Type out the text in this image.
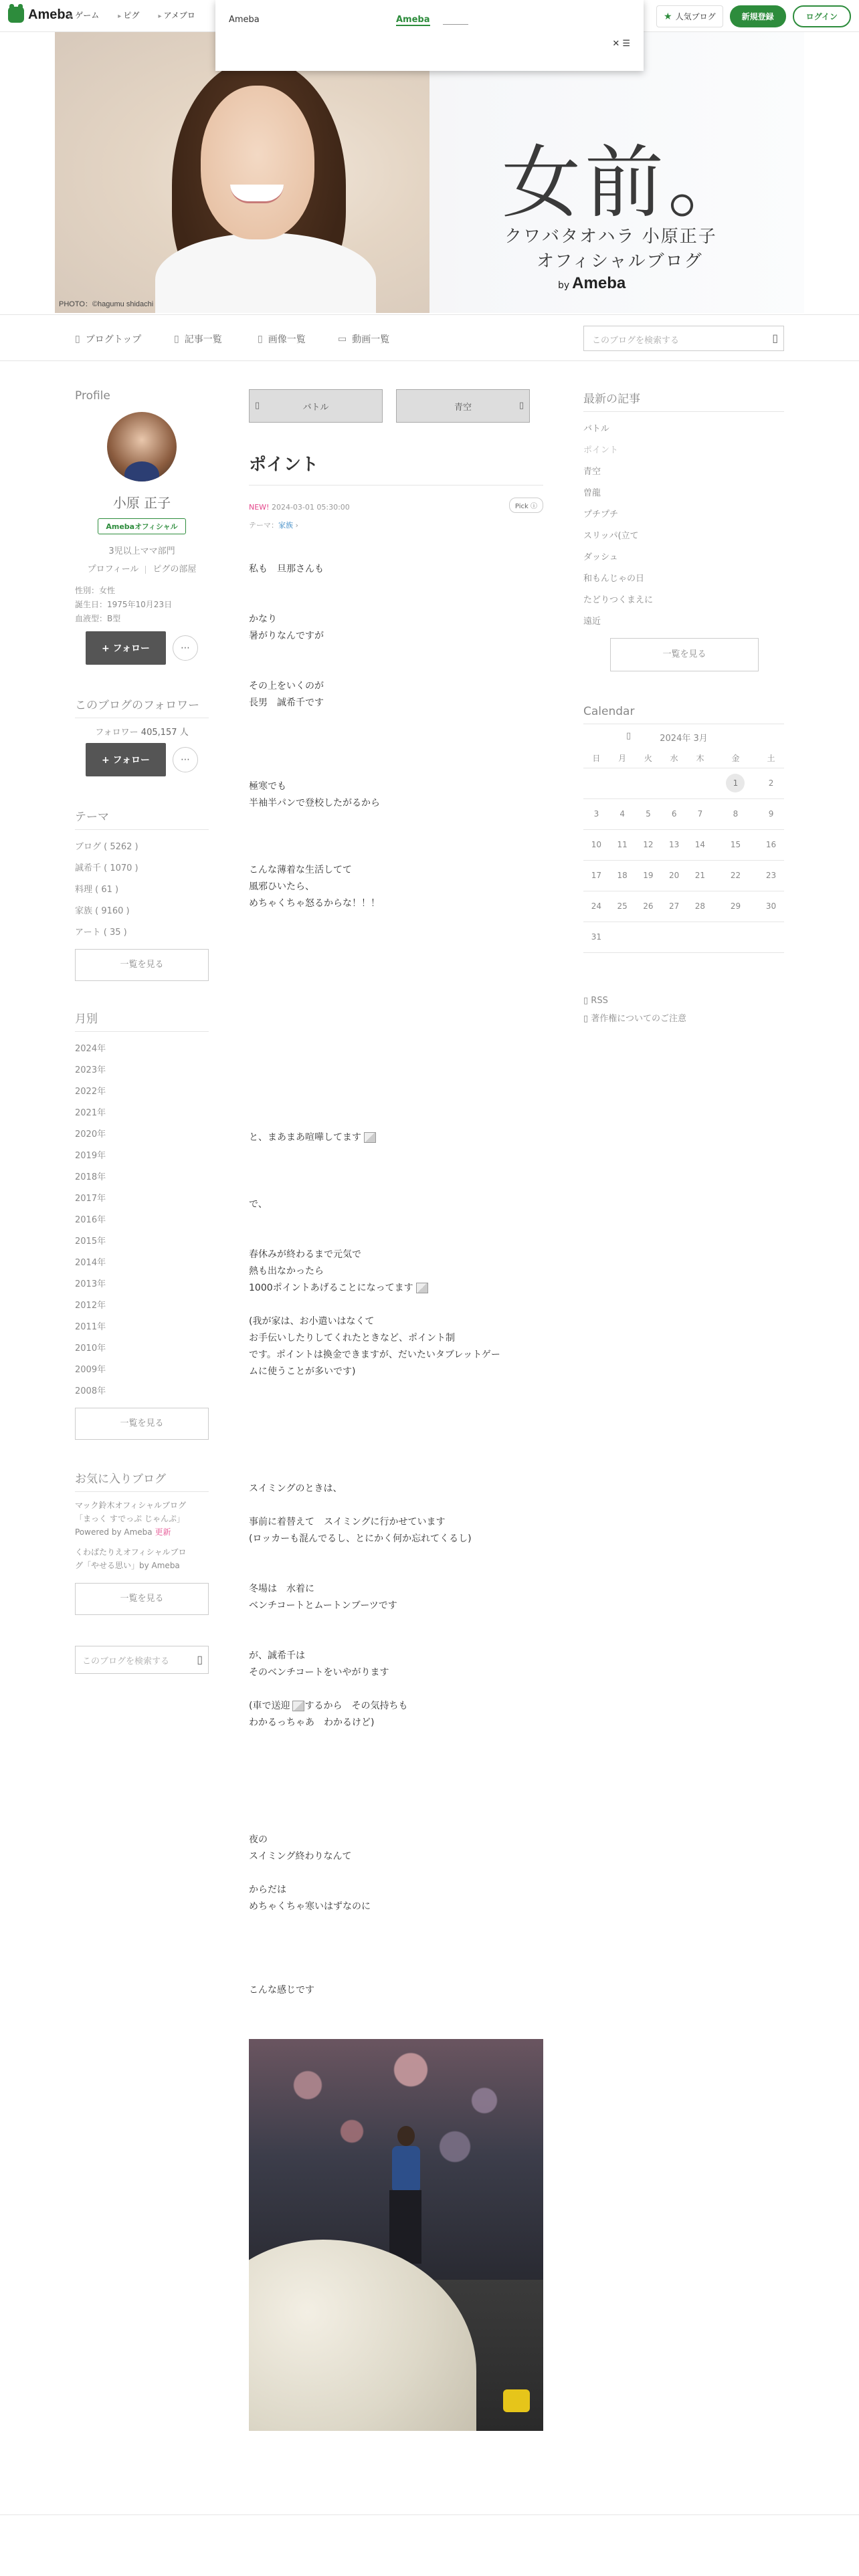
Ameba ▸ ゲーム	▸ ピグ	▸ アメブロ	★ 人気ブログ	新規登録	ログイン
Ameba	Ameba
✕ ☰
PHOTO：©hagumu shidachi
女前。
クワバタオハラ 小原正子
オフィシャルブログ
by Ameba
▯ ブログトップ	▯ 記事一覧	▯ 画像一覧	▭ 動画一覧	このブログを検索する	▯
Profile
小原 正子
Amebaオフィシャル
3児以上ママ部門
プロフィール ピグの部屋
性別：女性
誕生日：1975年10月23日
血液型：B型
+ フォロー	⋯
このブログのフォロワー
フォロワー 405,157 人
+ フォロー	⋯
テーマ
ブログ ( 5262 )
誠希千 ( 1070 )
料理 ( 61 )
家族 ( 9160 )
アート ( 35 )
一覧を見る
月別
2024年
2023年
2022年
2021年
2020年
2019年
2018年
2017年
2016年
2015年
2014年
2013年
2012年
2011年
2010年
2009年
2008年
一覧を見る
お気に入りブログ
マック鈴木オフィシャルブログ
「まっく すでっぷ じゃんぷ」
Powered by Ameba 更新
くわばたりえオフィシャルブロ
グ「やせる思い」by Ameba
一覧を見る
このブログを検索する	▯
▯	バトル	青空	▯
ポイント
NEW! 2024-03-01 05:30:00	Pick ⓘ
テーマ：家族 ›

私も　旦那さんも

かなり

暑がりなんですが

その上をいくのが

長男　誠希千です

極寒でも

半袖半パンで登校したがるから

こんな薄着な生活してて

風邪ひいたら、

めちゃくちゃ怒るからな！！！

と、まあまあ喧嘩してます

で、

春休みが終わるまで元気で

熱も出なかったら

1000ポイントあげることになってます

(我が家は、お小遣いはなくて

お手伝いしたりしてくれたときなど、ポイント制

です。ポイントは換金できますが、だいたいタブレットゲー

ムに使うことが多いです)

スイミングのときは、

事前に着替えて　スイミングに行かせています

(ロッカーも混んでるし、とにかく何か忘れてくるし)

冬場は　水着に

ベンチコートとムートンブーツです

が、誠希千は

そのベンチコートをいやがります

(車で送迎 するから　その気持ちも

わかるっちゃあ　わかるけど)

夜の

スイミング終わりなんて

からだは

めちゃくちゃ寒いはずなのに

こんな感じです

最新の記事
バトル
ポイント
青空
曽龍
プチプチ
スリッパ(立て
ダッシュ
和もんじゃの日
たどりつくまえに
遠近
一覧を見る
Calendar
▯	2024年 3月
日	月	火	水	木	金	土
					1	2
3	4	5	6	7	8	9
10	11	12	13	14	15	16
17	18	19	20	21	22	23
24	25	26	27	28	29	30
31						
▯ RSS
▯ 著作権についてのご注意
